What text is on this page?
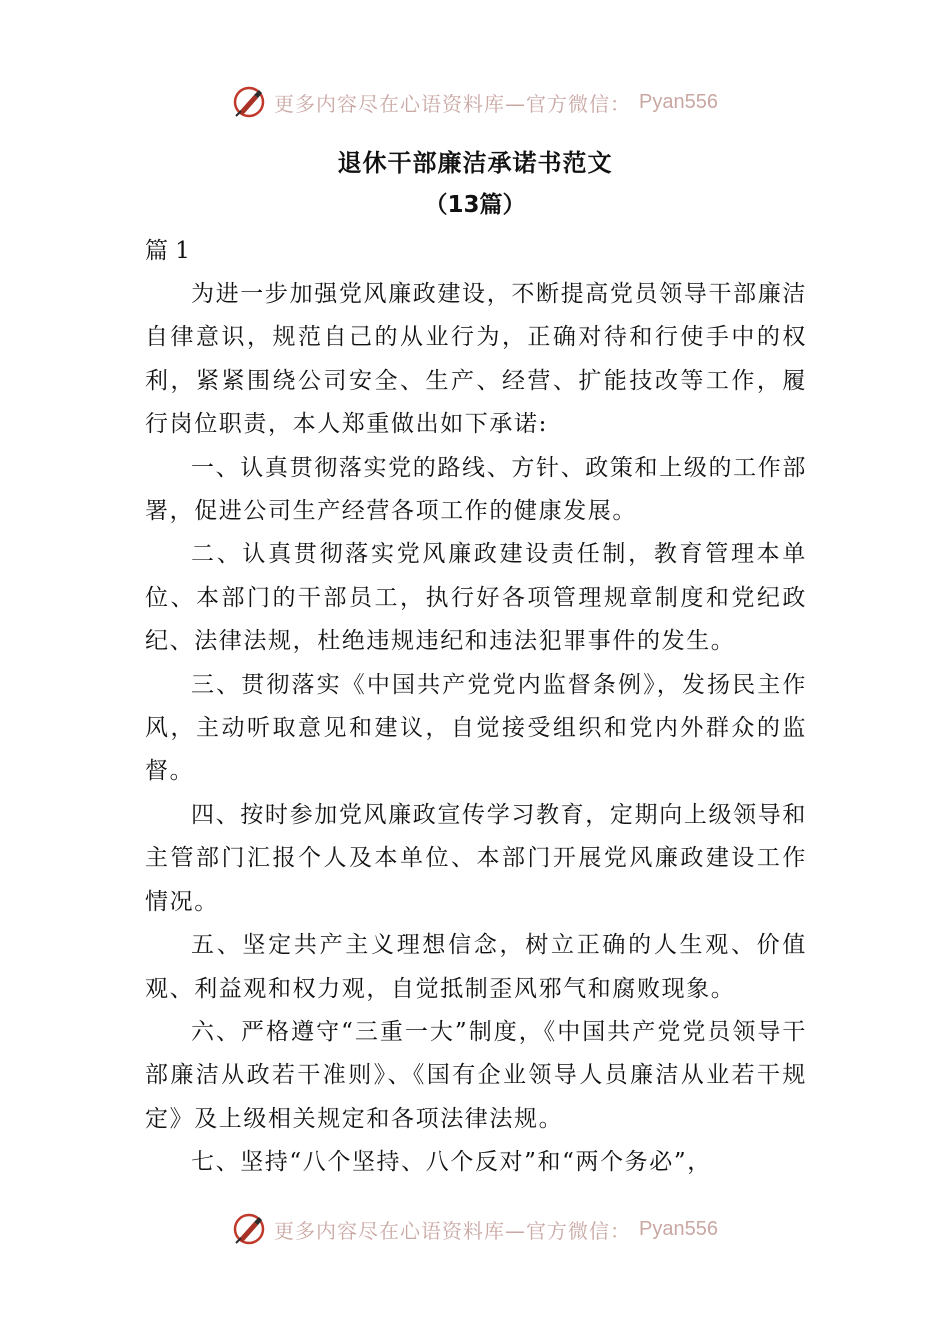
更多内容尽在心语资料库—官方微信： Pyan556
退休干部廉洁承诺书范文
（13篇）
篇 1

为进一步加强党风廉政建设，不断提高党员领导干部廉洁自律意识，规范自己的从业行为，正确对待和行使手中的权利，紧紧围绕公司安全、生产、经营、扩能技改等工作，履行岗位职责，本人郑重做出如下承诺:

一、认真贯彻落实党的路线、方针、政策和上级的工作部署，促进公司生产经营各项工作的健康发展。

二、认真贯彻落实党风廉政建设责任制，教育管理本单位、本部门的干部员工，执行好各项管理规章制度和党纪政纪、法律法规，杜绝违规违纪和违法犯罪事件的发生。

三、贯彻落实《中国共产党党内监督条例》，发扬民主作风，主动听取意见和建议，自觉接受组织和党内外群众的监督。

四、按时参加党风廉政宣传学习教育，定期向上级领导和主管部门汇报个人及本单位、本部门开展党风廉政建设工作情况。

五、坚定共产主义理想信念，树立正确的人生观、价值观、利益观和权力观，自觉抵制歪风邪气和腐败现象。

六、严格遵守“三重一大”制度，《中国共产党党员领导干部廉洁从政若干准则》、《国有企业领导人员廉洁从业若干规定》及上级相关规定和各项法律法规。

七、坚持“八个坚持、八个反对”和“两个务必”，

更多内容尽在心语资料库—官方微信： Pyan556
